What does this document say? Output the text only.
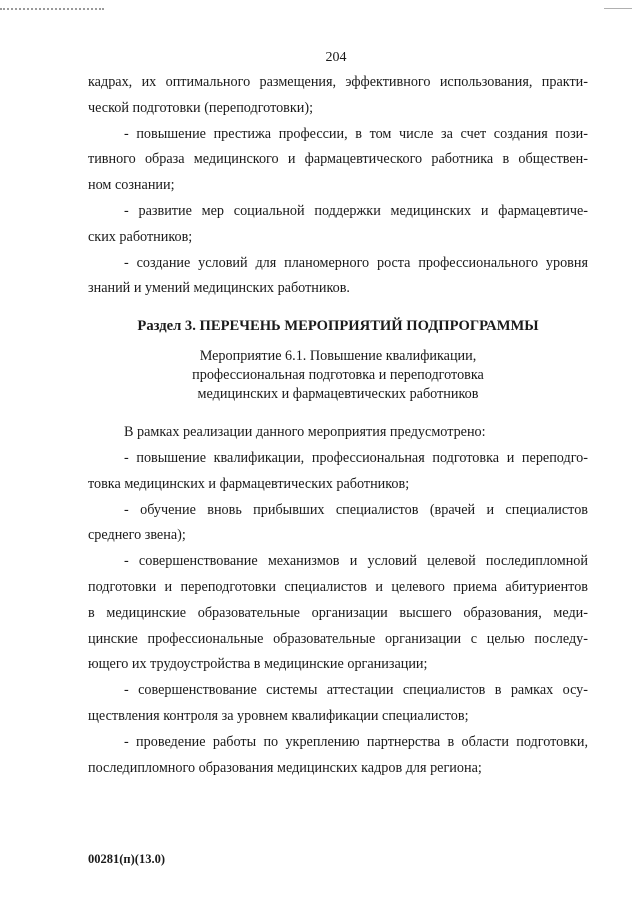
204
кадрах, их оптимального размещения, эффективного использования, практи-
ческой подготовки (переподготовки);
- повышение престижа профессии, в том числе за счет создания пози-
тивного образа медицинского и фармацевтического работника в обществен-
ном сознании;
- развитие мер социальной поддержки медицинских и фармацевтиче-
ских работников;
- создание условий для планомерного роста профессионального уровня
знаний и умений медицинских работников.
Раздел 3. ПЕРЕЧЕНЬ МЕРОПРИЯТИЙ ПОДПРОГРАММЫ
Мероприятие 6.1. Повышение квалификации,
профессиональная подготовка и переподготовка
медицинских и фармацевтических работников
В рамках реализации данного мероприятия предусмотрено:
- повышение квалификации, профессиональная подготовка и переподго-
товка медицинских и фармацевтических работников;
- обучение вновь прибывших специалистов (врачей и специалистов
среднего звена);
- совершенствование механизмов и условий целевой последипломной
подготовки и переподготовки специалистов и целевого приема абитуриентов
в медицинские образовательные организации высшего образования, меди-
цинские профессиональные образовательные организации с целью последу-
ющего их трудоустройства в медицинские организации;
- совершенствование системы аттестации специалистов в рамках осу-
ществления контроля за уровнем квалификации специалистов;
- проведение работы по укреплению партнерства в области подготовки,
последипломного образования медицинских кадров для региона;
00281(п)(13.0)
